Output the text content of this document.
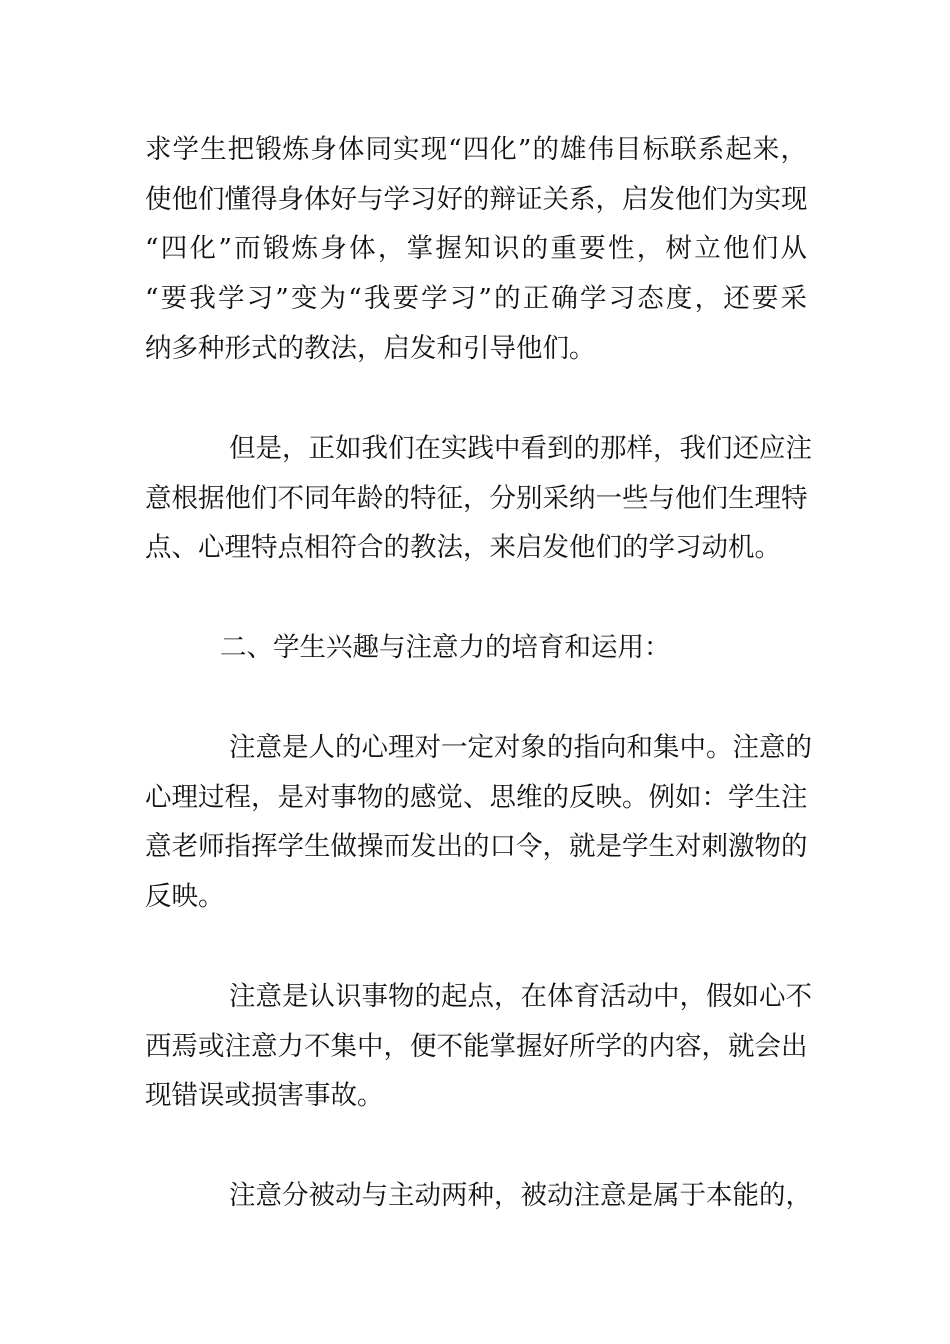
求学生把锻炼身体同实现“四化”的雄伟目标联系起来，
使他们懂得身体好与学习好的辩证关系，启发他们为实现
“四化”而锻炼身体，掌握知识的重要性，树立他们从
“要我学习”变为“我要学习”的正确学习态度，还要采
纳多种形式的教法，启发和引导他们。
但是，正如我们在实践中看到的那样，我们还应注
意根据他们不同年龄的特征，分别采纳一些与他们生理特
点、心理特点相符合的教法，来启发他们的学习动机。
二、学生兴趣与注意力的培育和运用：
注意是人的心理对一定对象的指向和集中。注意的
心理过程，是对事物的感觉、思维的反映。例如：学生注
意老师指挥学生做操而发出的口令，就是学生对刺激物的
反映。
注意是认识事物的起点，在体育活动中，假如心不
西焉或注意力不集中，便不能掌握好所学的内容，就会出
现错误或损害事故。
注意分被动与主动两种，被动注意是属于本能的，
